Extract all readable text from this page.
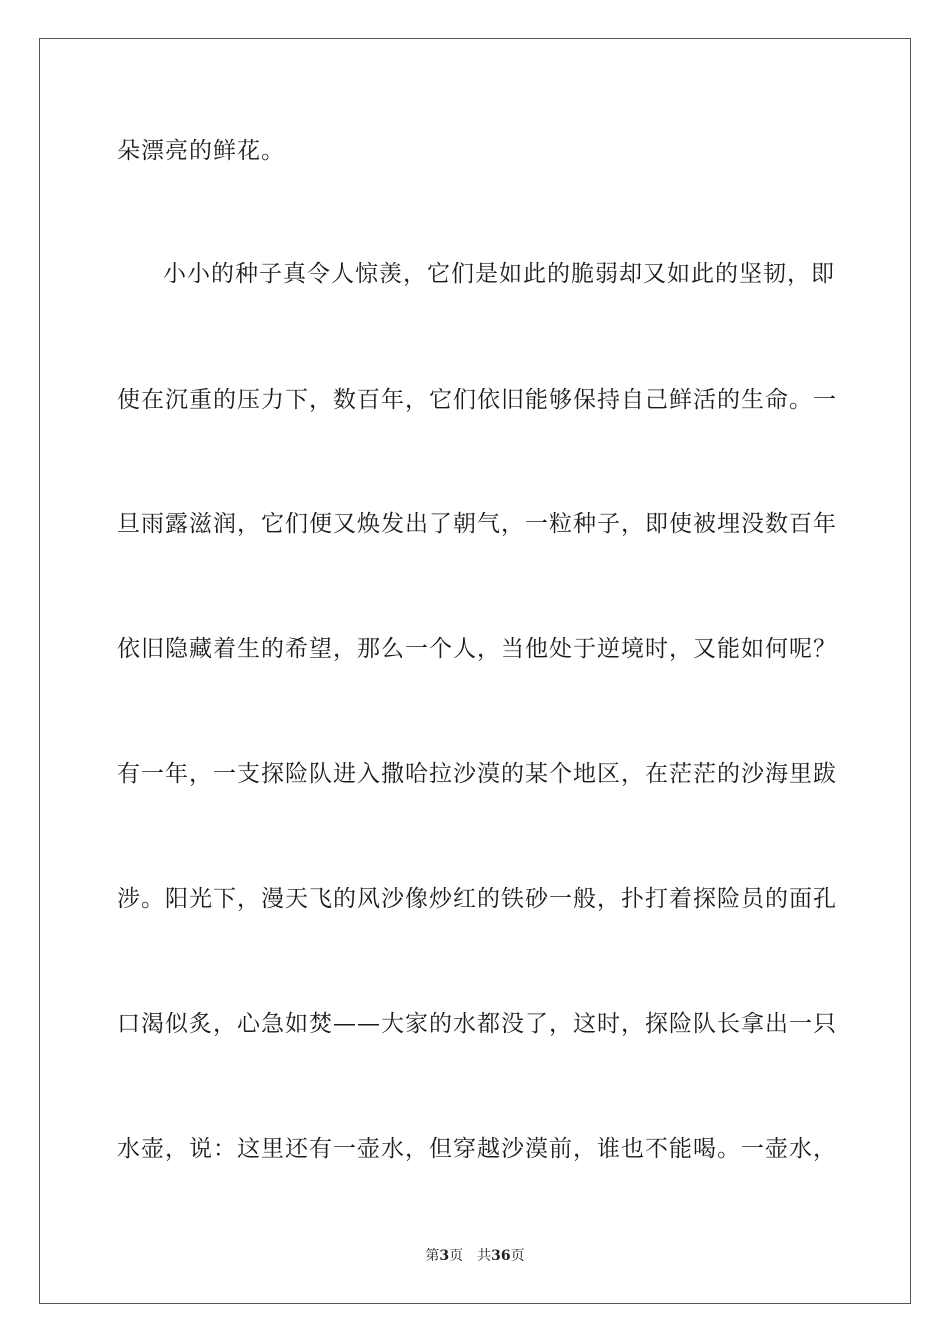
朵漂亮的鲜花。

小小的种子真令人惊羡，它们是如此的脆弱却又如此的坚韧，即

使在沉重的压力下，数百年，它们依旧能够保持自己鲜活的生命。一

旦雨露滋润，它们便又焕发出了朝气，一粒种子，即使被埋没数百年

依旧隐藏着生的希望，那么一个人，当他处于逆境时，又能如何呢？

有一年，一支探险队进入撒哈拉沙漠的某个地区，在茫茫的沙海里跋

涉。阳光下，漫天飞的风沙像炒红的铁砂一般，扑打着探险员的面孔

口渴似炙，心急如焚——大家的水都没了，这时，探险队长拿出一只

水壶，说：这里还有一壶水，但穿越沙漠前，谁也不能喝。一壶水，

第3页 共36页
